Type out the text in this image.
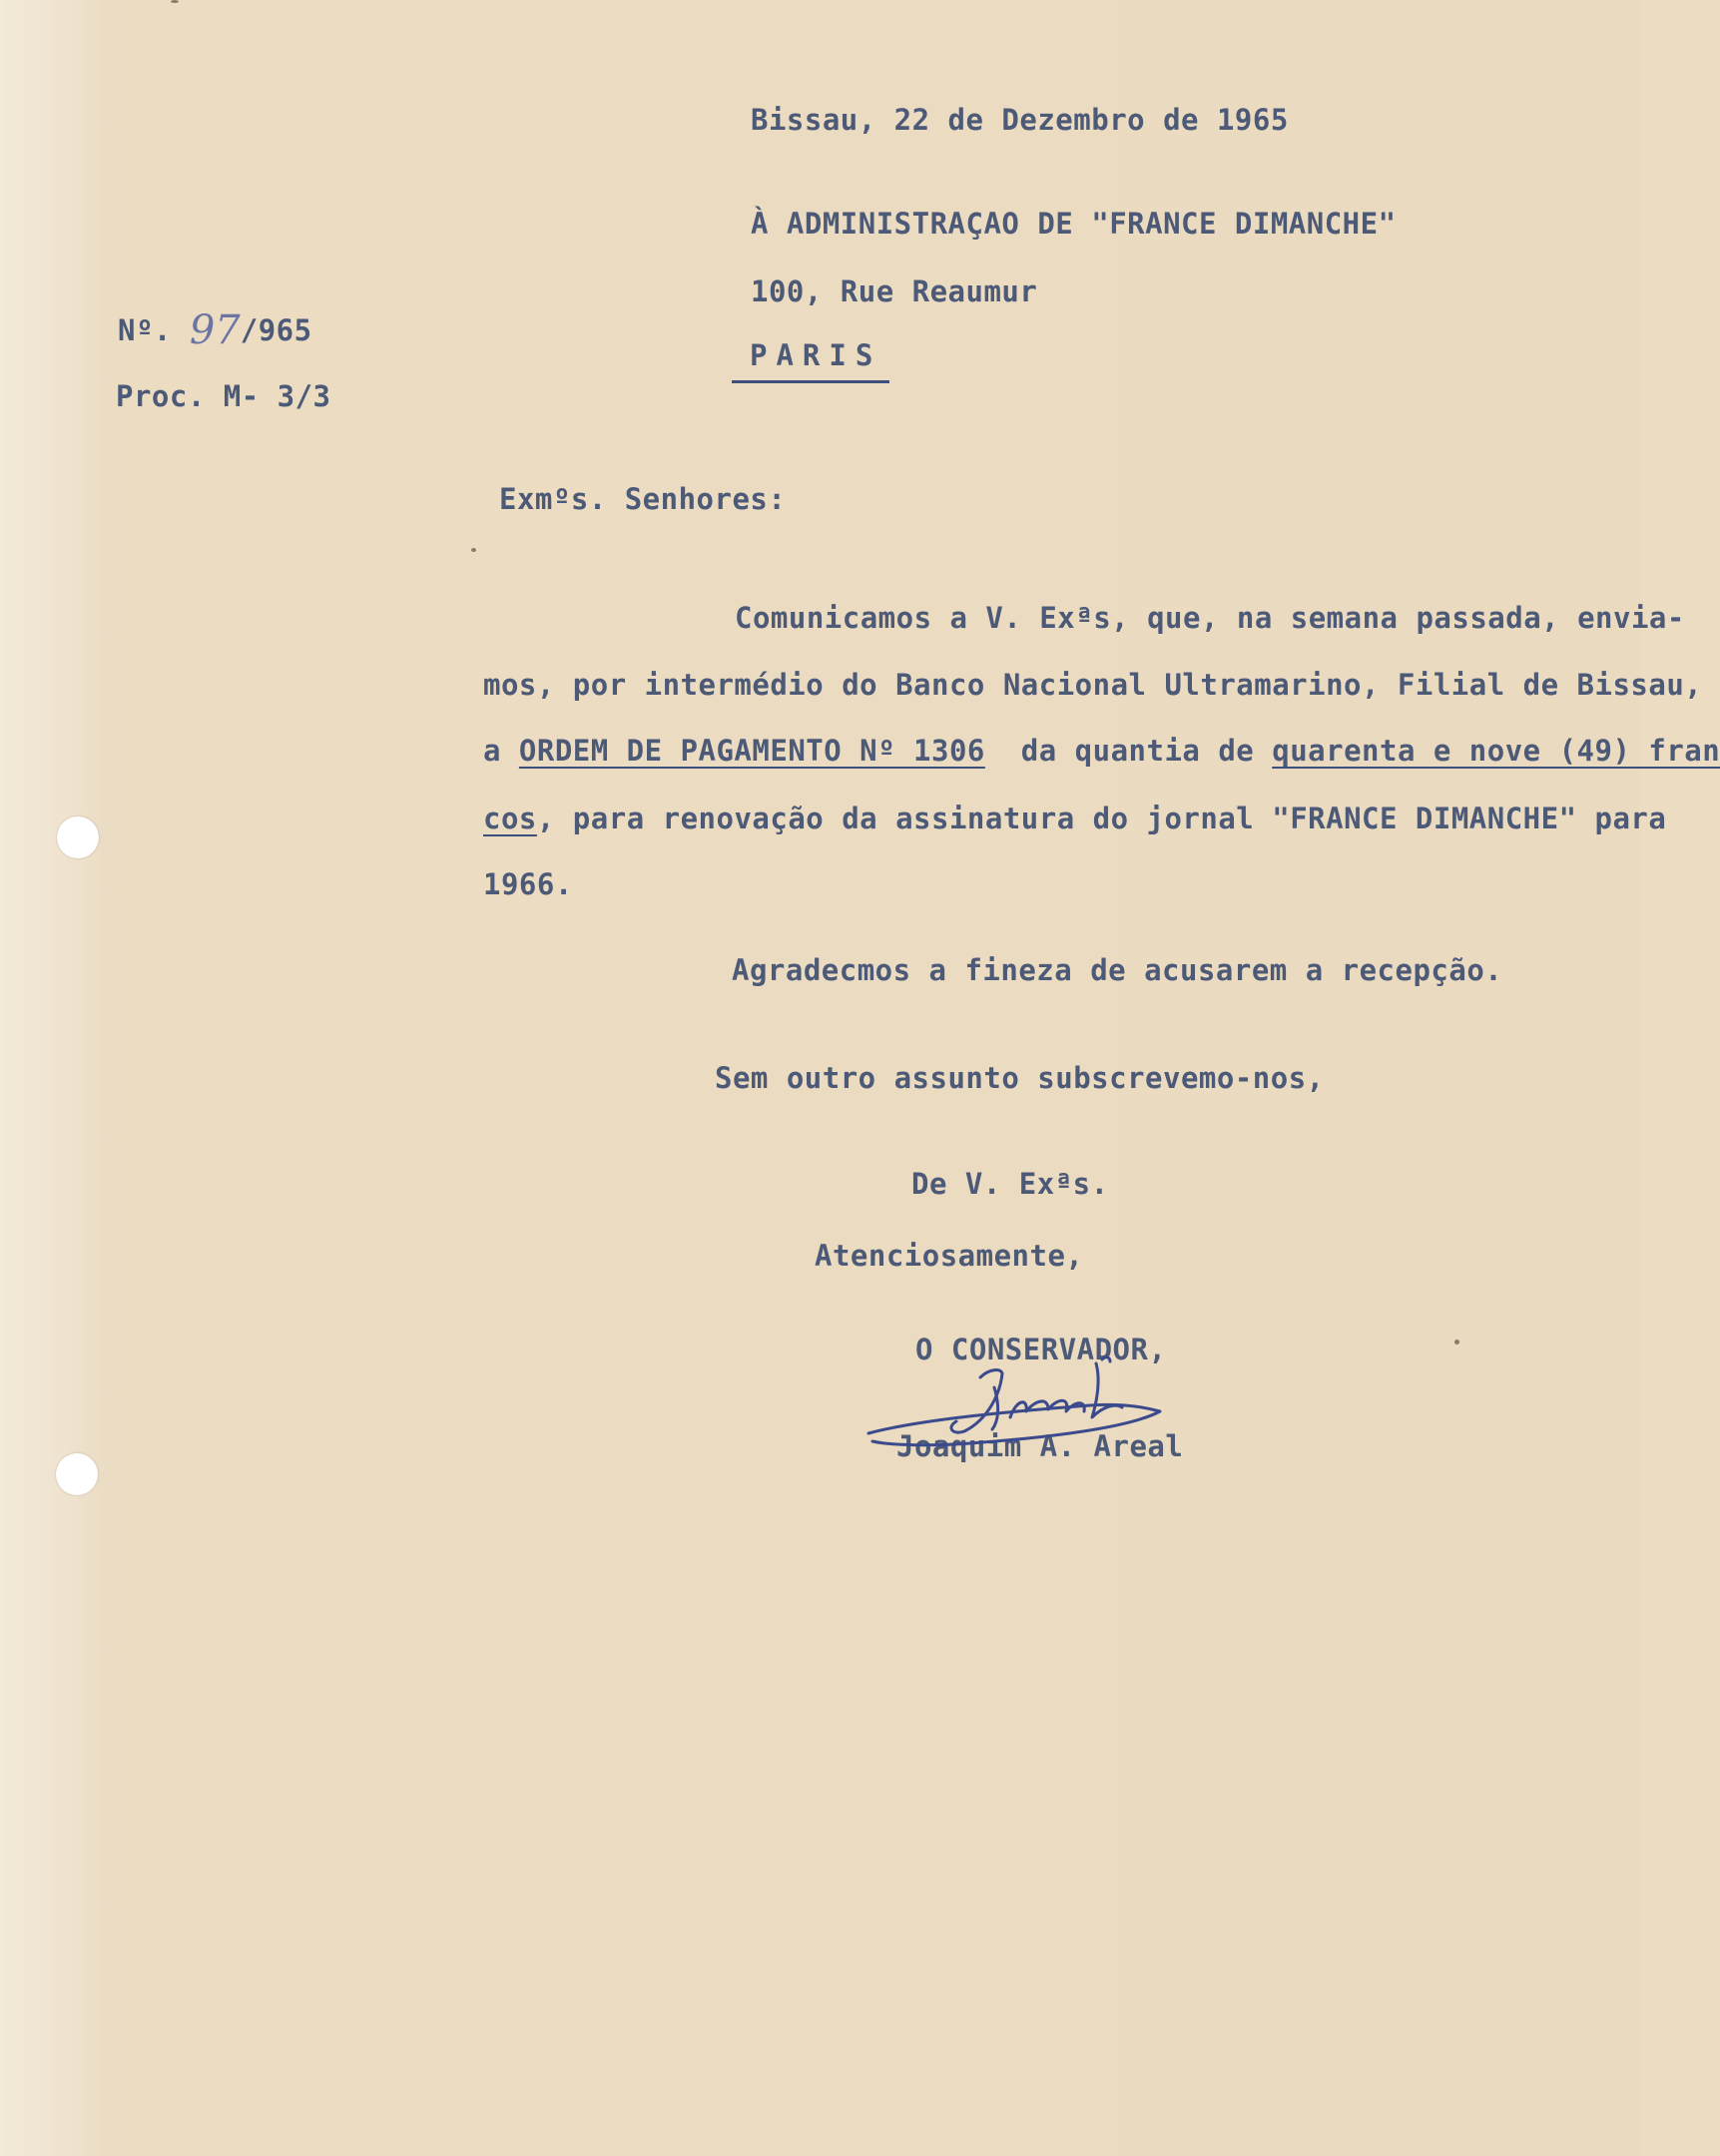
Bissau, 22 de Dezembro de 1965

À ADMINISTRAÇAO DE "FRANCE DIMANCHE"

100, Rue Reaumur

PARIS

Nº. 97/965

Proc. M- 3/3

Exmºs. Senhores:

Comunicamos a V. Exªs, que, na semana passada, envia-

mos, por intermédio do Banco Nacional Ultramarino, Filial de Bissau,

a ORDEM DE PAGAMENTO Nº 1306  da quantia de quarenta e nove (49) fran

cos, para renovação da assinatura do jornal "FRANCE DIMANCHE" para

1966.

Agradecmos a fineza de acusarem a recepção.

Sem outro assunto subscrevemo-nos,

De V. Exªs.

Atenciosamente,

O CONSERVADOR,

Joaquim A. Areal
